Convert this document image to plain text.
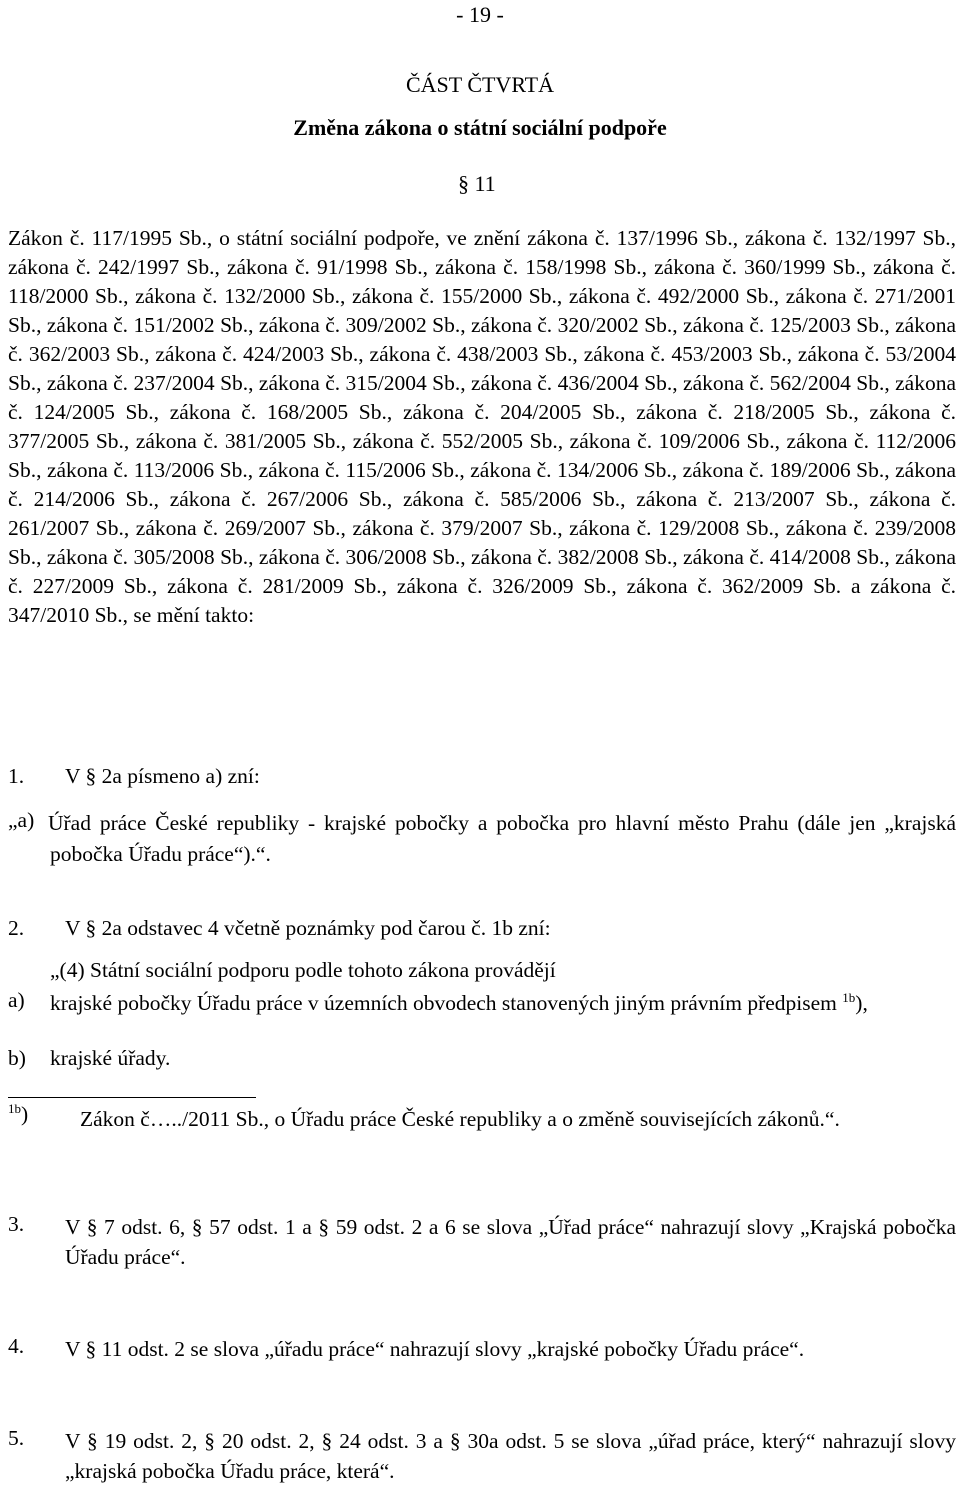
- 19 -
ČÁST ČTVRTÁ
Změna zákona o státní sociální podpoře
§ 11

Zákon č. 117/1995 Sb., o státní sociální podpoře, ve znění zákona č. 137/1996 Sb., zákona č. 132/1997 Sb., zákona č. 242/1997 Sb., zákona č. 91/1998 Sb., zákona č. 158/1998 Sb., zákona č. 360/1999 Sb., zákona č. 118/2000 Sb., zákona č. 132/2000 Sb., zákona č. 155/2000 Sb., zákona č. 492/2000 Sb., zákona č. 271/2001 Sb., zákona č. 151/2002 Sb., zákona č. 309/2002 Sb., zákona č. 320/2002 Sb., zákona č. 125/2003 Sb., zákona č. 362/2003 Sb., zákona č. 424/2003 Sb., zákona č. 438/2003 Sb., zákona č. 453/2003 Sb., zákona č. 53/2004 Sb., zákona č. 237/2004 Sb., zákona č. 315/2004 Sb., zákona č. 436/2004 Sb., zákona č. 562/2004 Sb., zákona č. 124/2005 Sb., zákona č. 168/2005 Sb., zákona č. 204/2005 Sb., zákona č. 218/2005 Sb., zákona č. 377/2005 Sb., zákona č. 381/2005 Sb., zákona č. 552/2005 Sb., zákona č. 109/2006 Sb., zákona č. 112/2006 Sb., zákona č. 113/2006 Sb., zákona č. 115/2006 Sb., zákona č. 134/2006 Sb., zákona č. 189/2006 Sb., zákona č. 214/2006 Sb., zákona č. 267/2006 Sb., zákona č. 585/2006 Sb., zákona č. 213/2007 Sb., zákona č. 261/2007 Sb., zákona č. 269/2007 Sb., zákona č. 379/2007 Sb., zákona č. 129/2008 Sb., zákona č. 239/2008 Sb., zákona č. 305/2008 Sb., zákona č. 306/2008 Sb., zákona č. 382/2008 Sb., zákona č. 414/2008 Sb., zákona č. 227/2009 Sb., zákona č. 281/2009 Sb., zákona č. 326/2009 Sb., zákona č. 362/2009 Sb. a zákona č. 347/2010 Sb., se mění takto:

1. V § 2a písmeno a) zní:
„a) Úřad práce České republiky - krajské pobočky a pobočka pro hlavní město Prahu (dále jen „krajská pobočka Úřadu práce“).“.
2. V § 2a odstavec 4 včetně poznámky pod čarou č. 1b zní:
„(4) Státní sociální podporu podle tohoto zákona provádějí
a) krajské pobočky Úřadu práce v územních obvodech stanovených jiným právním předpisem $^{1b}$),
b) krajské úřady.
$^{1b}$) Zákon č…../2011 Sb., o Úřadu práce České republiky a o změně souvisejících zákonů.“.
3. V § 7 odst. 6, § 57 odst. 1 a § 59 odst. 2 a 6 se slova „Úřad práce“ nahrazují slovy „Krajská pobočka Úřadu práce“.
4. V § 11 odst. 2 se slova „úřadu práce“ nahrazují slovy „krajské pobočky Úřadu práce“.
5. V § 19 odst. 2, § 20 odst. 2, § 24 odst. 3 a § 30a odst. 5 se slova „úřad práce, který“ nahrazují slovy „krajská pobočka Úřadu práce, která“.
